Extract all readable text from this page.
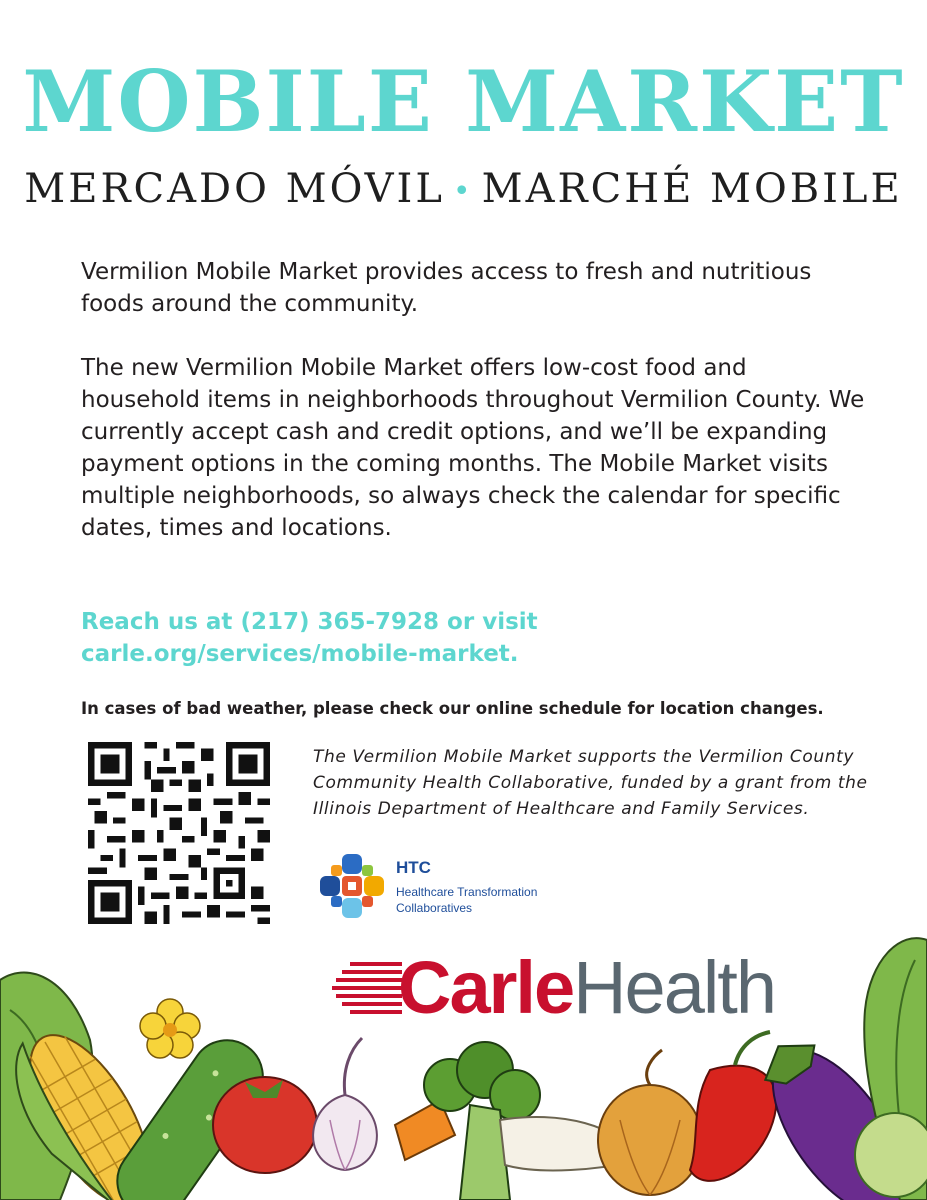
MOBILE MARKET
MERCADO MÓVIL • MARCHÉ MOBILE

Vermilion Mobile Market provides access to fresh and nutritious foods around the community.

The new Vermilion Mobile Market offers low-cost food and household items in neighborhoods throughout Vermilion County. We currently accept cash and credit options, and we’ll be expanding payment options in the coming months. The Mobile Market visits multiple neighborhoods, so always check the calendar for specific dates, times and locations.

Reach us at (217) 365-7928 or visit
carle.org/services/mobile-market.
In cases of bad weather, please check our online schedule for location changes.
The Vermilion Mobile Market supports the Vermilion County Community Health Collaborative, funded by a grant from the Illinois Department of Healthcare and Family Services.
HTC
Healthcare Transformation Collaboratives
CarleHealth
